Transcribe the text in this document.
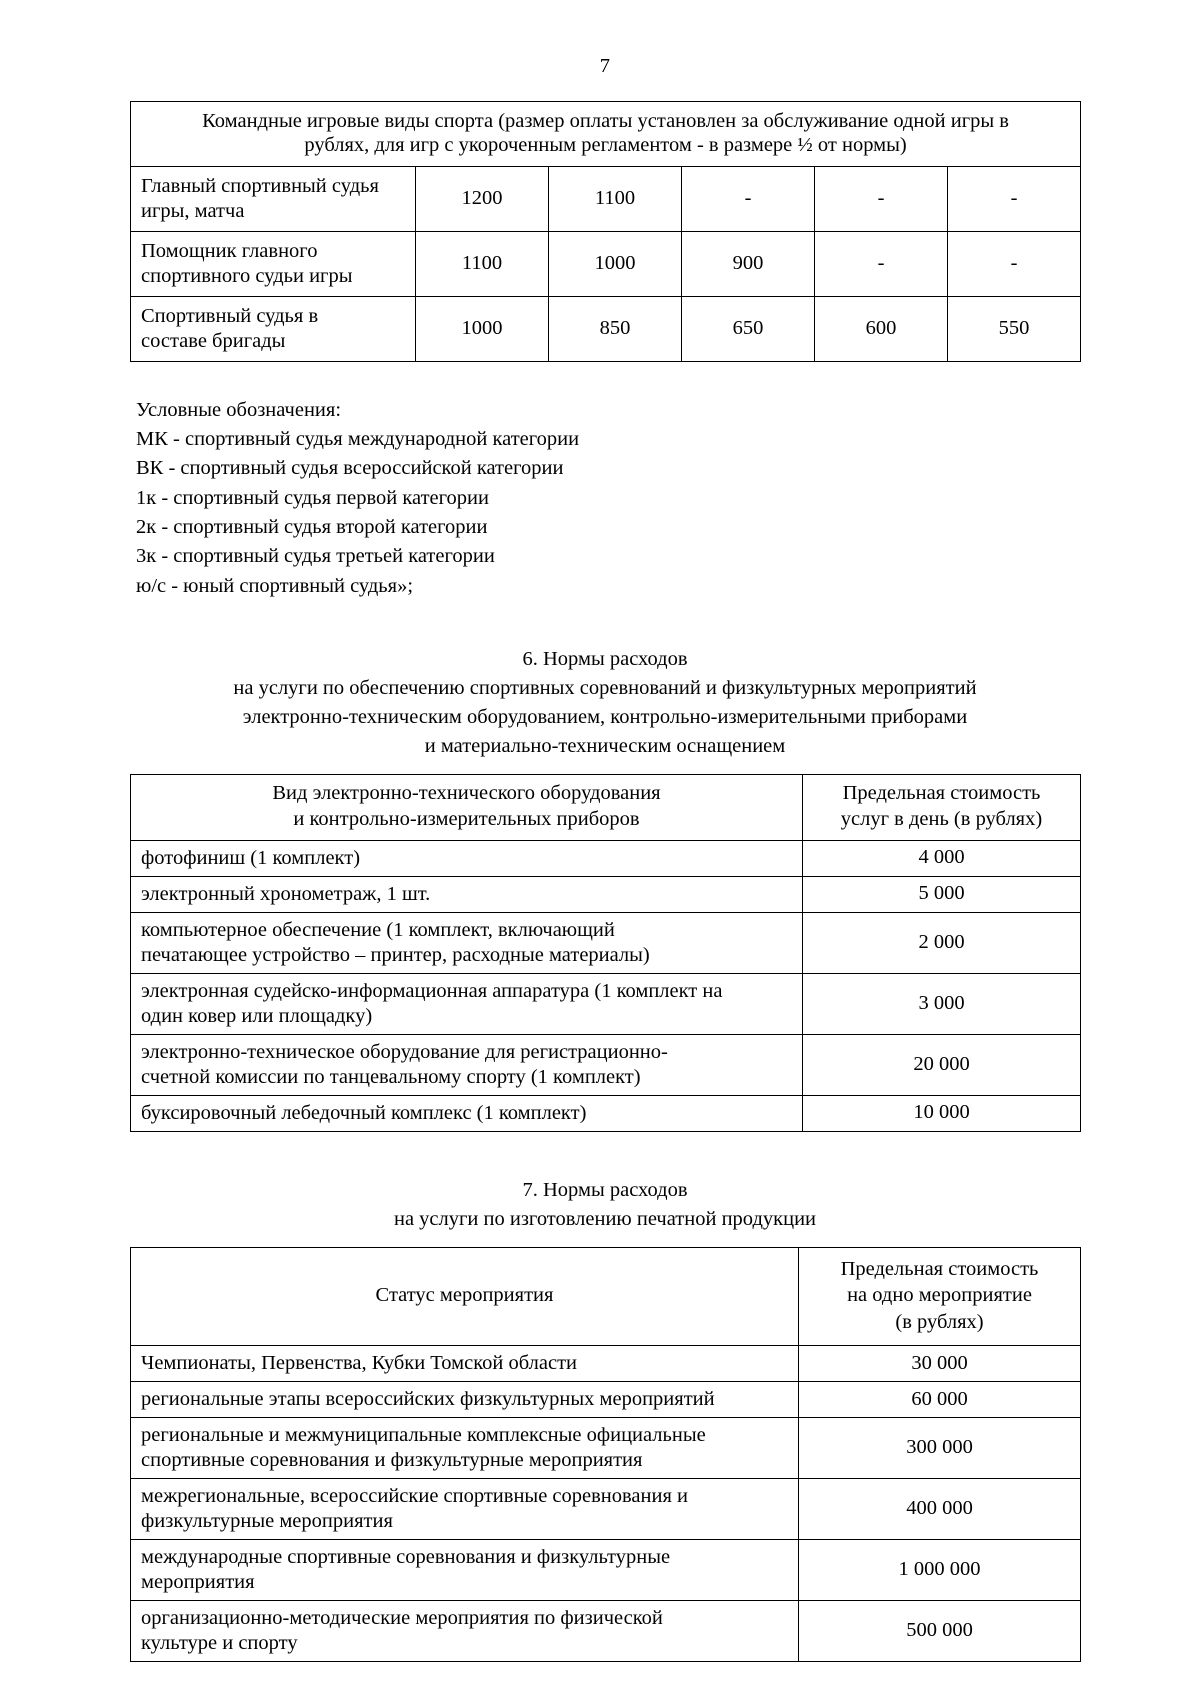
7
Командные игровые виды спорта (размер оплаты установлен за обслуживание одной игры в
рублях, для игр с укороченным регламентом - в размере ½ от нормы)					

Главный спортивный судья
игры, матча	1200	1100	-	-	-

Помощник главного
спортивного судьи игры	1100	1000	900	-	-

Спортивный судья в
составе бригады	1000	850	650	600	550
Условные обозначения:
МК - спортивный судья международной категории
ВК - спортивный судья всероссийской категории
1к - спортивный судья первой категории
2к - спортивный судья второй категории
3к - спортивный судья третьей категории
ю/с - юный спортивный судья»;
6. Нормы расходов
на услуги по обеспечению спортивных соревнований и физкультурных мероприятий
электронно-техническим оборудованием, контрольно-измерительными приборами
и материально-техническим оснащением
Вид электронно-технического оборудования
и контрольно-измерительных приборов	Предельная стоимость
услуг в день (в рублях)

фотофиниш (1 комплект)	4 000

электронный хронометраж, 1 шт.	5 000

компьютерное обеспечение (1 комплект, включающий
печатающее устройство – принтер, расходные материалы)	2 000

электронная судейско-информационная аппаратура (1 комплект на
один ковер или площадку)	3 000

электронно-техническое оборудование для регистрационно-
счетной комиссии по танцевальному спорту (1 комплект)	20 000

буксировочный лебедочный комплекс (1 комплект)	10 000
7. Нормы расходов
на услуги по изготовлению печатной продукции
Статус мероприятия	Предельная стоимость
на одно мероприятие
(в рублях)

Чемпионаты, Первенства, Кубки Томской области	30 000

региональные этапы всероссийских физкультурных мероприятий	60 000

региональные и межмуниципальные комплексные официальные
спортивные соревнования и физкультурные мероприятия	300 000

межрегиональные, всероссийские спортивные соревнования и
физкультурные мероприятия	400 000

международные спортивные соревнования и физкультурные
мероприятия	1 000 000

организационно-методические мероприятия по физической
культуре и спорту	500 000
